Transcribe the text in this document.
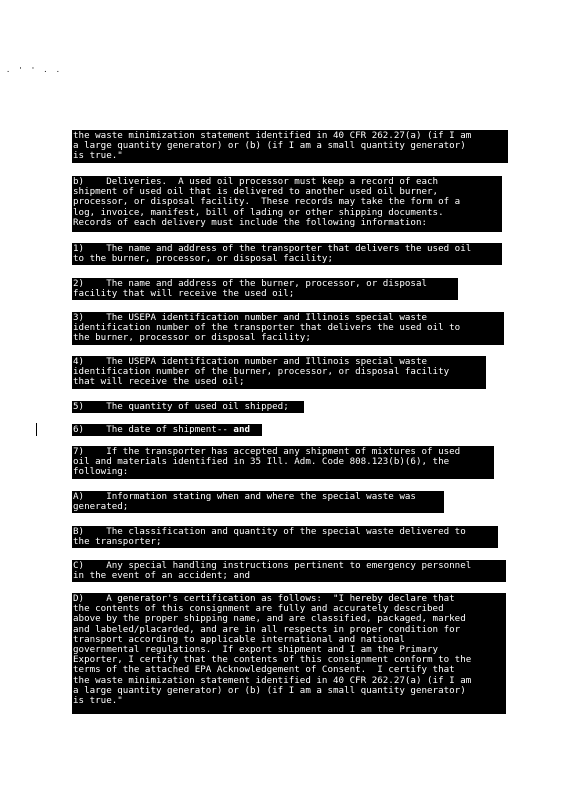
. ' ' . .
the waste minimization statement identified in 40 CFR 262.27(a) (if I am
a large quantity generator) or (b) (if I am a small quantity generator)
is true."
b)    Deliveries.  A used oil processor must keep a record of each
shipment of used oil that is delivered to another used oil burner,
processor, or disposal facility.  These records may take the form of a
log, invoice, manifest, bill of lading or other shipping documents.
Records of each delivery must include the following information:
1)    The name and address of the transporter that delivers the used oil
to the burner, processor, or disposal facility;
2)    The name and address of the burner, processor, or disposal
facility that will receive the used oil;
3)    The USEPA identification number and Illinois special waste
identification number of the transporter that delivers the used oil to
the burner, processor or disposal facility;
4)    The USEPA identification number and Illinois special waste
identification number of the burner, processor, or disposal facility
that will receive the used oil;
5)    The quantity of used oil shipped;
6)    The date of shipment-- and
7)    If the transporter has accepted any shipment of mixtures of used
oil and materials identified in 35 Ill. Adm. Code 808.123(b)(6), the
following:
A)    Information stating when and where the special waste was
generated;
B)    The classification and quantity of the special waste delivered to
the transporter;
C)    Any special handling instructions pertinent to emergency personnel
in the event of an accident; and
D)    A generator's certification as follows:  "I hereby declare that
the contents of this consignment are fully and accurately described
above by the proper shipping name, and are classified, packaged, marked
and labeled/placarded, and are in all respects in proper condition for
transport according to applicable international and national
governmental regulations.  If export shipment and I am the Primary
Exporter, I certify that the contents of this consignment conform to the
terms of the attached EPA Acknowledgement of Consent.  I certify that
the waste minimization statement identified in 40 CFR 262.27(a) (if I am
a large quantity generator) or (b) (if I am a small quantity generator)
is true."
